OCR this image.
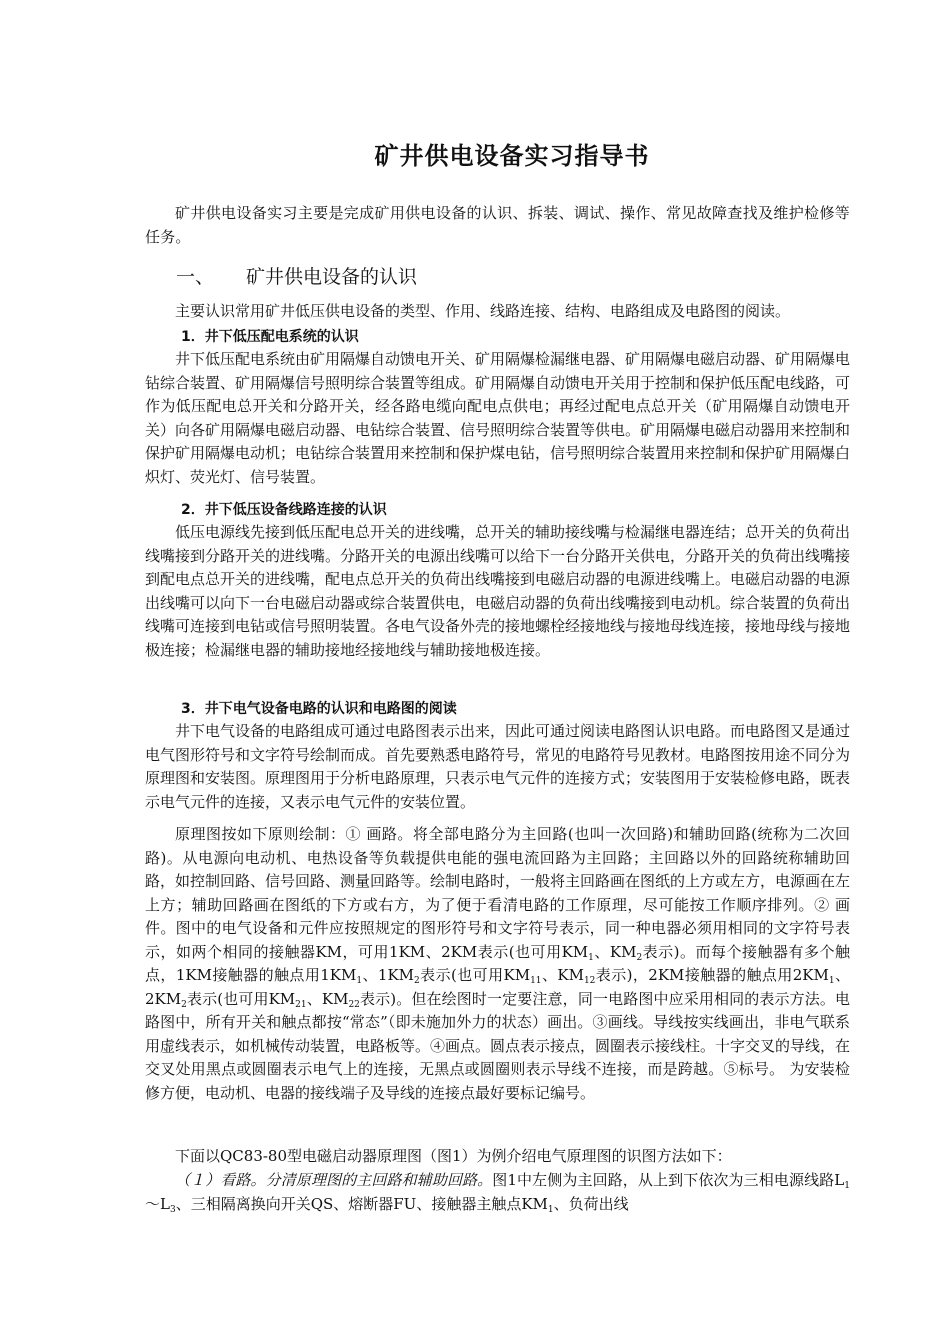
矿井供电设备实习指导书

矿井供电设备实习主要是完成矿用供电设备的认识、拆装、调试、操作、常见故障查找及维护检修等任务。

一、 矿井供电设备的认识

主要认识常用矿井低压供电设备的类型、作用、线路连接、结构、电路组成及电路图的阅读。

1．井下低压配电系统的认识

井下低压配电系统由矿用隔爆自动馈电开关、矿用隔爆检漏继电器、矿用隔爆电磁启动器、矿用隔爆电钻综合装置、矿用隔爆信号照明综合装置等组成。矿用隔爆自动馈电开关用于控制和保护低压配电线路，可作为低压配电总开关和分路开关，经各路电缆向配电点供电；再经过配电点总开关（矿用隔爆自动馈电开关）向各矿用隔爆电磁启动器、电钻综合装置、信号照明综合装置等供电。矿用隔爆电磁启动器用来控制和保护矿用隔爆电动机；电钻综合装置用来控制和保护煤电钻，信号照明综合装置用来控制和保护矿用隔爆白炽灯、荧光灯、信号装置。

2．井下低压设备线路连接的认识

低压电源线先接到低压配电总开关的进线嘴，总开关的辅助接线嘴与检漏继电器连结；总开关的负荷出线嘴接到分路开关的进线嘴。分路开关的电源出线嘴可以给下一台分路开关供电，分路开关的负荷出线嘴接到配电点总开关的进线嘴，配电点总开关的负荷出线嘴接到电磁启动器的电源进线嘴上。电磁启动器的电源出线嘴可以向下一台电磁启动器或综合装置供电，电磁启动器的负荷出线嘴接到电动机。综合装置的负荷出线嘴可连接到电钻或信号照明装置。各电气设备外壳的接地螺栓经接地线与接地母线连接，接地母线与接地极连接；检漏继电器的辅助接地经接地线与辅助接地极连接。

3．井下电气设备电路的认识和电路图的阅读

井下电气设备的电路组成可通过电路图表示出来，因此可通过阅读电路图认识电路。而电路图又是通过电气图形符号和文字符号绘制而成。首先要熟悉电路符号，常见的电路符号见教材。电路图按用途不同分为原理图和安装图。原理图用于分析电路原理，只表示电气元件的连接方式；安装图用于安装检修电路，既表示电气元件的连接，又表示电气元件的安装位置。

原理图按如下原则绘制：① 画路。将全部电路分为主回路(也叫一次回路)和辅助回路(统称为二次回路)。从电源向电动机、电热设备等负载提供电能的强电流回路为主回路；主回路以外的回路统称辅助回路，如控制回路、信号回路、测量回路等。绘制电路时，一般将主回路画在图纸的上方或左方，电源画在左上方；辅助回路画在图纸的下方或右方，为了便于看清电路的工作原理，尽可能按工作顺序排列。② 画件。图中的电气设备和元件应按照规定的图形符号和文字符号表示，同一种电器必须用相同的文字符号表示，如两个相同的接触器KM，可用1KM、2KM表示(也可用$KM_1$、$KM_2$表示)。而每个接触器有多个触点，1KM接触器的触点用$1KM_1$、$1KM_2$表示(也可用$KM_{11}$、$KM_{12}$表示)，2KM接触器的触点用$2KM_1$、$2KM_2$表示(也可用$KM_{21}$、$KM_{22}$表示)。但在绘图时一定要注意，同一电路图中应采用相同的表示方法。电路图中，所有开关和触点都按“常态”（即未施加外力的状态）画出。③画线。导线按实线画出，非电气联系用虚线表示，如机械传动装置，电路板等。④画点。圆点表示接点，圆圈表示接线柱。十字交叉的导线，在交叉处用黑点或圆圈表示电气上的连接，无黑点或圆圈则表示导线不连接，而是跨越。⑤标号。 为安装检修方便，电动机、电器的接线端子及导线的连接点最好要标记编号。

下面以QC83-80型电磁启动器原理图（图1）为例介绍电气原理图的识图方法如下：

（１）看路。分清原理图的主回路和辅助回路。图1中左侧为主回路，从上到下依次为三相电源线路$L_1\sim L_3$、三相隔离换向开关QS、熔断器FU、接触器主触点$KM_1$、负荷出线
